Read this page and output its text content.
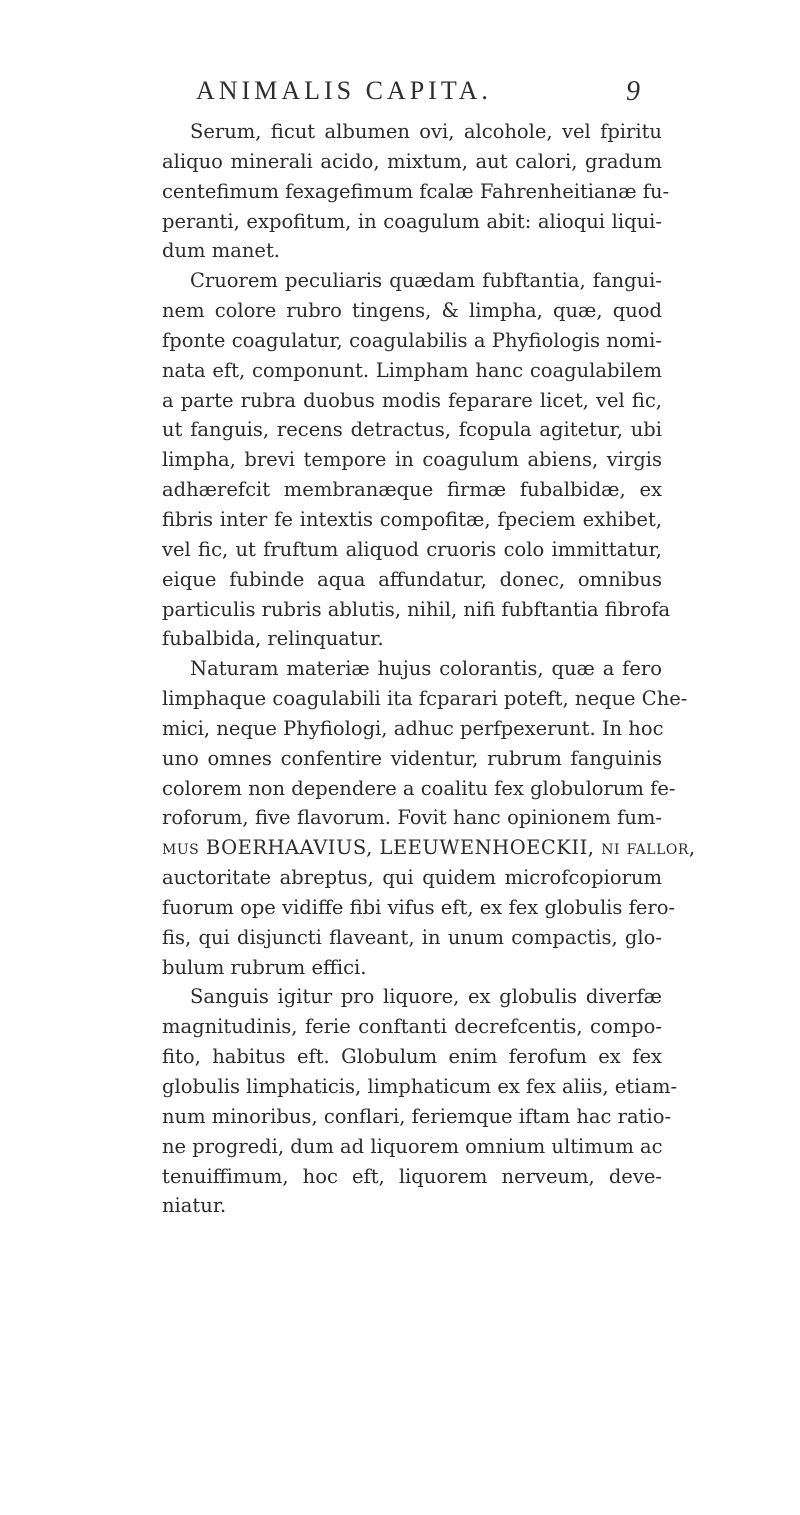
ANIMALIS CAPITA.	9
Serum, ficut albumen ovi, alcohole, vel fpiritu
aliquo minerali acido, mixtum, aut calori, gradum
centefimum fexagefimum fcalæ Fahrenheitianæ fu-
peranti, expofitum, in coagulum abit: alioqui liqui-
dum manet.
Cruorem peculiaris quædam fubftantia, fangui-
nem colore rubro tingens, & limpha, quæ, quod
fponte coagulatur, coagulabilis a Phyfiologis nomi-
nata eft, componunt. Limpham hanc coagulabilem
a parte rubra duobus modis feparare licet, vel fic,
ut fanguis, recens detractus, fcopula agitetur, ubi
limpha, brevi tempore in coagulum abiens, virgis
adhærefcit membranæque firmæ fubalbidæ, ex
fibris inter fe intextis compofitæ, fpeciem exhibet,
vel fic, ut fruftum aliquod cruoris colo immittatur,
eique fubinde aqua affundatur, donec, omnibus
particulis rubris ablutis, nihil, nifi fubftantia fibrofa
fubalbida, relinquatur.
Naturam materiæ hujus colorantis, quæ a fero
limphaque coagulabili ita fcparari poteft, neque Che-
mici, neque Phyfiologi, adhuc perfpexerunt. In hoc
uno omnes confentire videntur, rubrum fanguinis
colorem non dependere a coalitu fex globulorum fe-
roforum, five flavorum. Fovit hanc opinionem fum-
mus BOERHAAVIUS, LEEUWENHOECKII, ni fallor,
auctoritate abreptus, qui quidem microfcopiorum
fuorum ope vidiffe fibi vifus eft, ex fex globulis fero-
fis, qui disjuncti flaveant, in unum compactis, glo-
bulum rubrum effici.
Sanguis igitur pro liquore, ex globulis diverfæ
magnitudinis, ferie conftanti decrefcentis, compo-
fito, habitus eft. Globulum enim ferofum ex fex
globulis limphaticis, limphaticum ex fex aliis, etiam-
num minoribus, conflari, feriemque iftam hac ratio-
ne progredi, dum ad liquorem omnium ultimum ac
tenuiffimum, hoc eft, liquorem nerveum, deve-
niatur.
